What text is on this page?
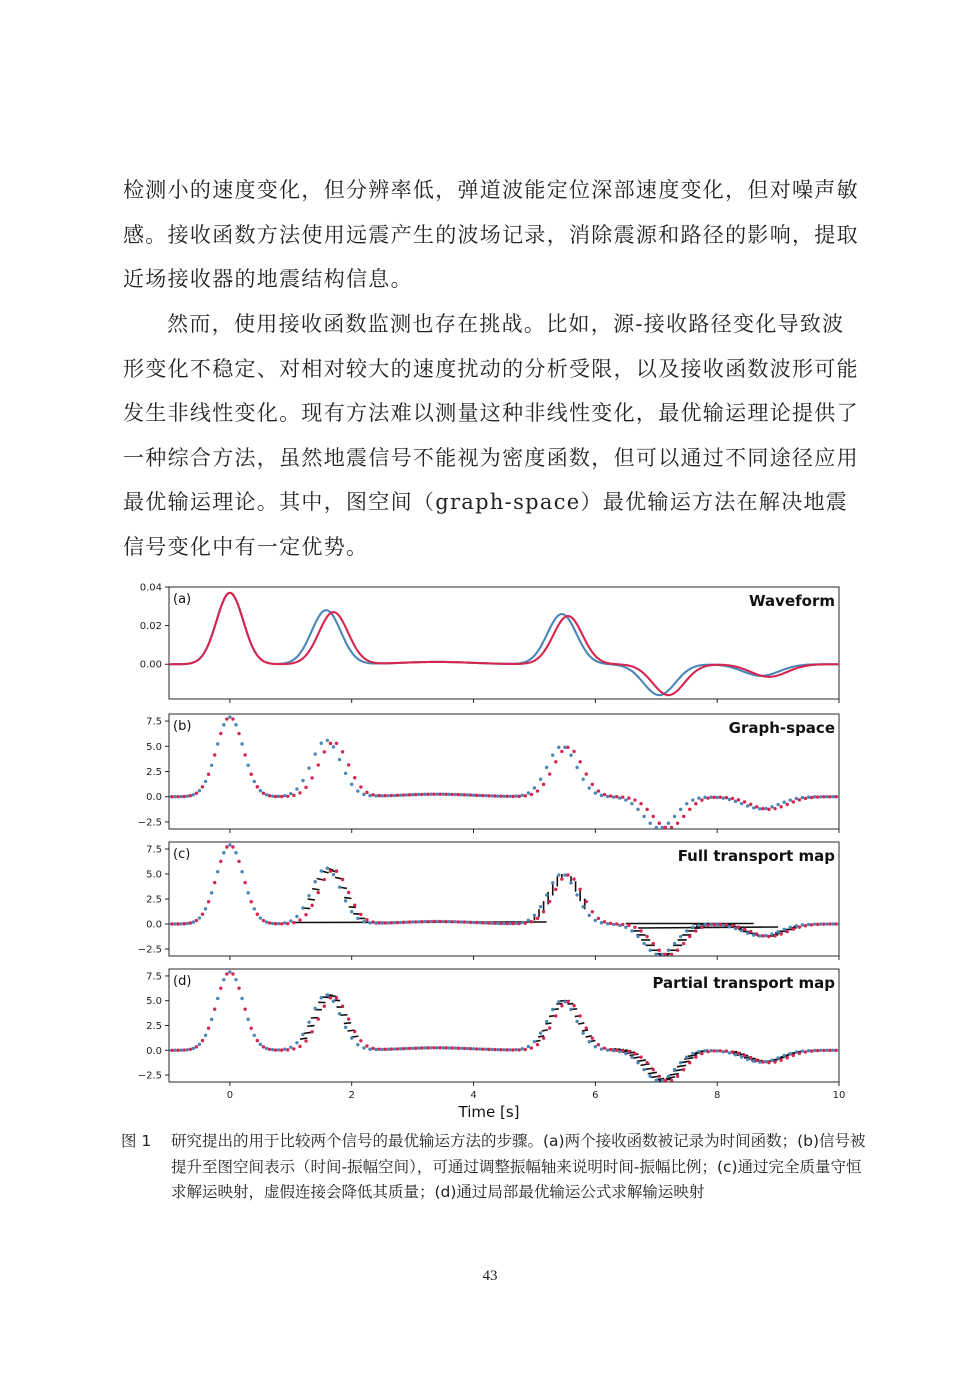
检测小的速度变化，但分辨率低，弹道波能定位深部速度变化，但对噪声敏感。接收函数方法使用远震产生的波场记录，消除震源和路径的影响，提取近场接收器的地震结构信息。

然而，使用接收函数监测也存在挑战。比如，源-接收路径变化导致波形变化不稳定、对相对较大的速度扰动的分析受限，以及接收函数波形可能发生非线性变化。现有方法难以测量这种非线性变化，最优输运理论提供了一种综合方法，虽然地震信号不能视为密度函数，但可以通过不同途径应用最优输运理论。其中，图空间（graph-space）最优输运方法在解决地震信号变化中有一定优势。

0.00
0.02
0.04
(a)	Waveform
−2.5
0.0
2.5
5.0
7.5 (b)	Graph-space
−2.5
0.0
2.5
5.0
7.5 (c)	Full transport map
−2.5
0.0
2.5
5.0
7.5
0	2	4	6	8	10
(d)	Partial transport map
Time [s]
图 1 研究提出的用于比较两个信号的最优输运方法的步骤。(a)两个接收函数被记录为时间函数；(b)信号被提升至图空间表示（时间-振幅空间），可通过调整振幅轴来说明时间-振幅比例；(c)通过完全质量守恒求解运映射，虚假连接会降低其质量；(d)通过局部最优输运公式求解输运映射
43
